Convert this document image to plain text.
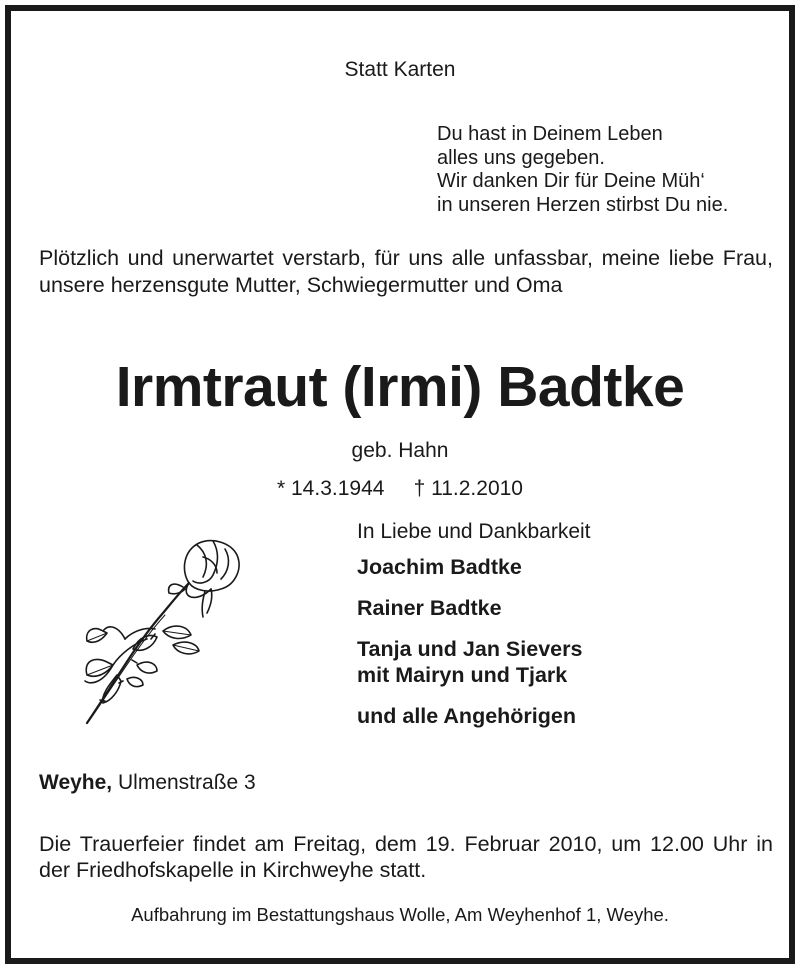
Statt Karten
Du hast in Deinem Leben
alles uns gegeben.
Wir danken Dir für Deine Müh‘
in unseren Herzen stirbst Du nie.
Plötzlich und unerwartet verstarb, für uns alle unfassbar, meine liebe Frau, unsere herzensgute Mutter, Schwiegermutter und Oma
Irmtraut (Irmi) Badtke
geb. Hahn
* 14.3.1944     † 11.2.2010
In Liebe und Dankbarkeit
Joachim Badtke
Rainer Badtke
Tanja und Jan Sievers
mit Mairyn und Tjark
und alle Angehörigen
Weyhe, Ulmenstraße 3
Die Trauerfeier findet am Freitag, dem 19. Februar 2010, um 12.00 Uhr in der Friedhofskapelle in Kirchweyhe statt.
Aufbahrung im Bestattungshaus Wolle, Am Weyhenhof 1, Weyhe.
